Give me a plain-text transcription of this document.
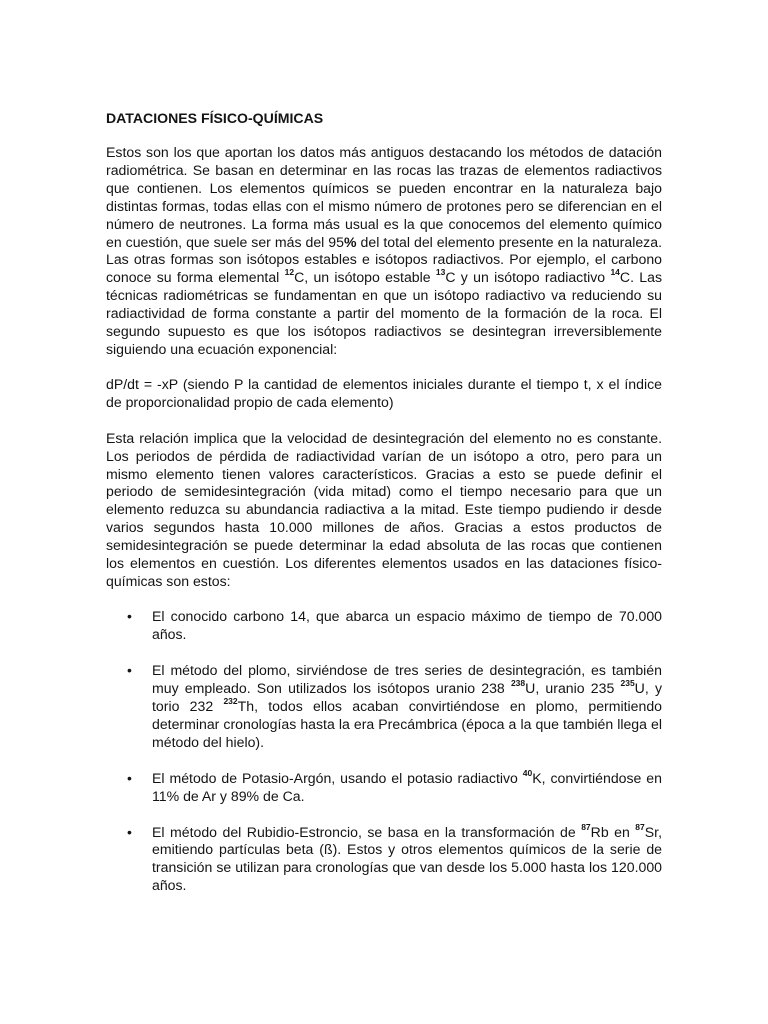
DATACIONES FÍSICO-QUÍMICAS

Estos son los que aportan los datos más antiguos destacando los métodos de datación radiométrica. Se basan en determinar en las rocas las trazas de elementos radiactivos que contienen. Los elementos químicos se pueden encontrar en la naturaleza bajo distintas formas, todas ellas con el mismo número de protones pero se diferencian en el número de neutrones. La forma más usual es la que conocemos del elemento químico en cuestión, que suele ser más del 95% del total del elemento presente en la naturaleza. Las otras formas son isótopos estables e isótopos radiactivos. Por ejemplo, el carbono conoce su forma elemental $^{12}$C, un isótopo estable $^{13}$C y un isótopo radiactivo $^{14}$C. Las técnicas radiométricas se fundamentan en que un isótopo radiactivo va reduciendo su radiactividad de forma constante a partir del momento de la formación de la roca. El segundo supuesto es que los isótopos radiactivos se desintegran irreversiblemente siguiendo una ecuación exponencial:

dP/dt = -xP (siendo P la cantidad de elementos iniciales durante el tiempo t, x el índice de proporcionalidad propio de cada elemento)

Esta relación implica que la velocidad de desintegración del elemento no es constante. Los periodos de pérdida de radiactividad varían de un isótopo a otro, pero para un mismo elemento tienen valores característicos. Gracias a esto se puede definir el periodo de semidesintegración (vida mitad) como el tiempo necesario para que un elemento reduzca su abundancia radiactiva a la mitad. Este tiempo pudiendo ir desde varios segundos hasta 10.000 millones de años. Gracias a estos productos de semidesintegración se puede determinar la edad absoluta de las rocas que contienen los elementos en cuestión. Los diferentes elementos usados en las dataciones físico-químicas son estos:

• El conocido carbono 14, que abarca un espacio máximo de tiempo de 70.000 años.
• El método del plomo, sirviéndose de tres series de desintegración, es también muy empleado. Son utilizados los isótopos uranio 238 $^{238}$U, uranio 235 $^{235}$U, y torio 232 $^{232}$Th, todos ellos acaban convirtiéndose en plomo, permitiendo determinar cronologías hasta la era Precámbrica (época a la que también llega el método del hielo).
• El método de Potasio-Argón, usando el potasio radiactivo $^{40}$K, convirtiéndose en 11% de Ar y 89% de Ca.
• El método del Rubidio-Estroncio, se basa en la transformación de $^{87}$Rb en $^{87}$Sr, emitiendo partículas beta (ß). Estos y otros elementos químicos de la serie de transición se utilizan para cronologías que van desde los 5.000 hasta los 120.000 años.
